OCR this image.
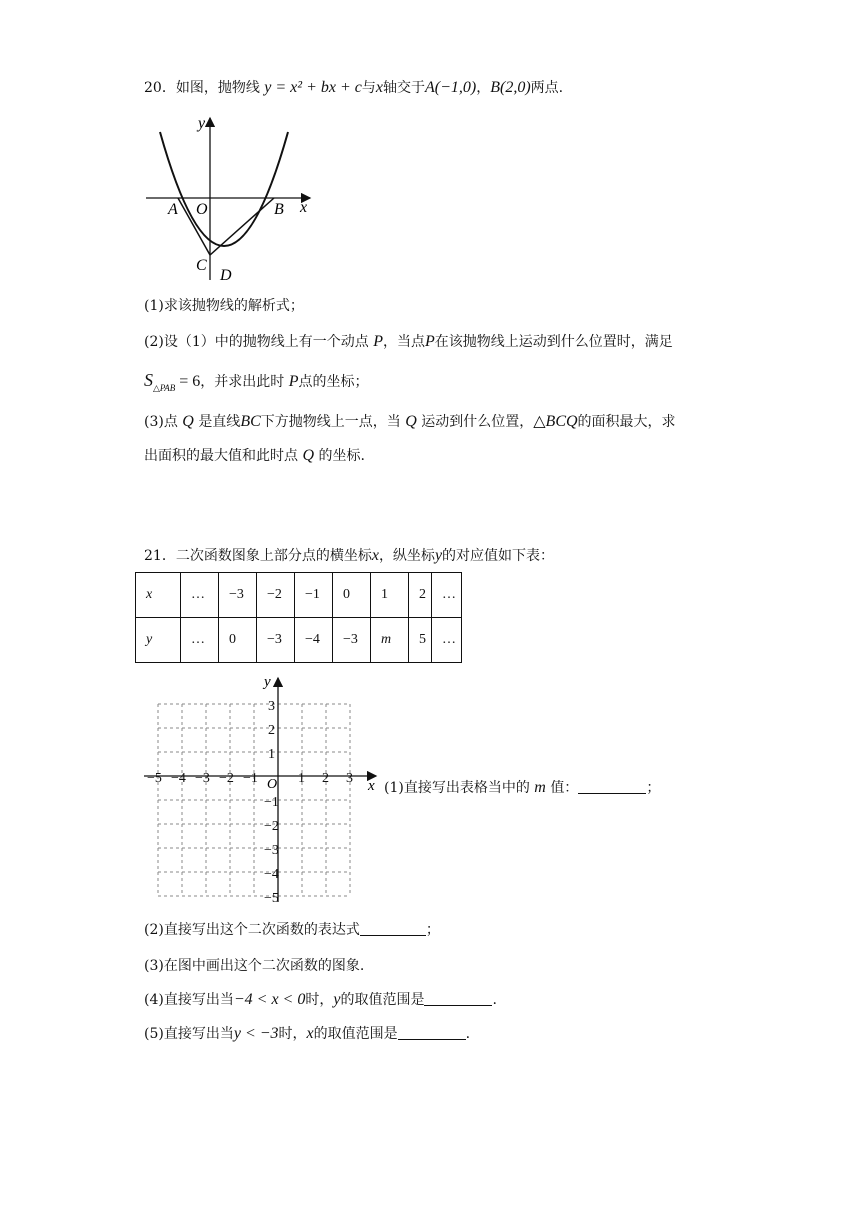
20．如图，抛物线 y = x² + bx + c与x轴交于A(−1,0)，B(2,0)两点.
y
x
A O	B
C
D
(1)求该抛物线的解析式；
(2)设（1）中的抛物线上有一个动点 P，当点P在该抛物线上运动到什么位置时，满足
$S_{\triangle PAB} = 6$，并求出此时 P点的坐标；
(3)点 Q 是直线BC下方抛物线上一点，当 Q 运动到什么位置，△BCQ的面积最大，求
出面积的最大值和此时点 Q 的坐标.
21．二次函数图象上部分点的横坐标x，纵坐标y的对应值如下表：
x	…	−3	−2	−1	0	1	2	…
y	…	0	−3	−4	−3	m	5	…
y
x
O
−5 −4 −3 −2 −1	1 2 3
3
2
1
−1
−2
−3
−4
−5
(1)直接写出表格当中的 m 值：	；
(2)直接写出这个二次函数的表达式	；
(3)在图中画出这个二次函数的图象.
(4)直接写出当−4 < x < 0时，y的取值范围是	.
(5)直接写出当y < −3时，x的取值范围是	.
